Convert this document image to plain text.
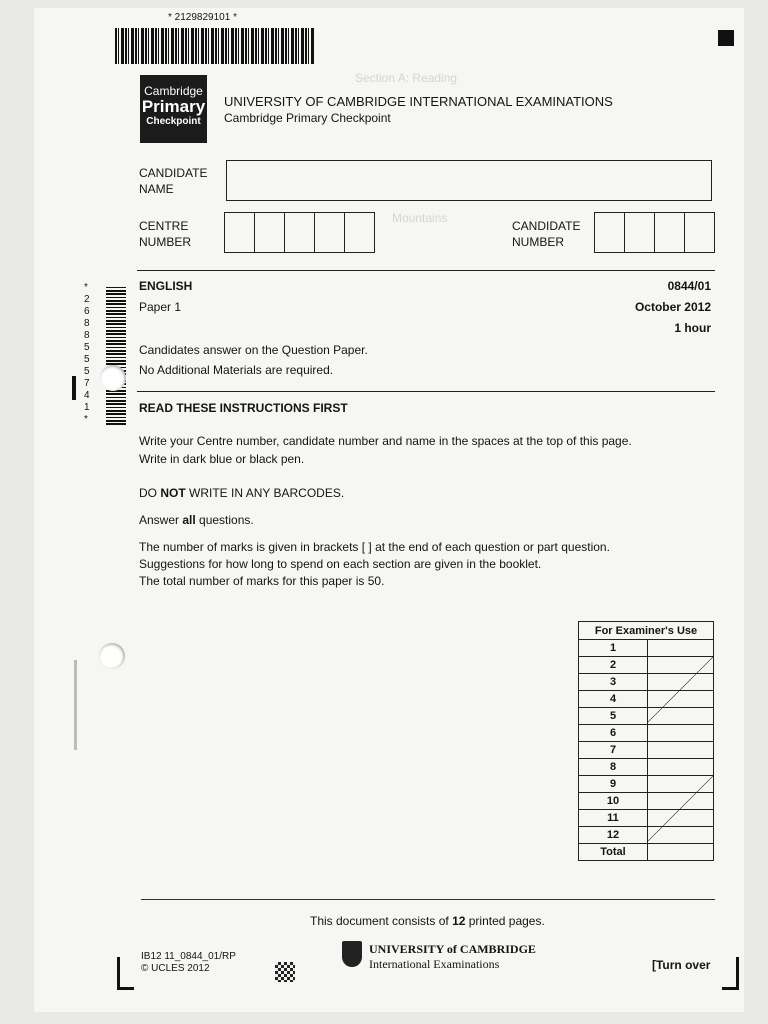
Section A: Reading
Mountains
* 2129829101 *
* 2 6 8 8 5 5 5 7 4 1 *
Cambridge
Primary
Checkpoint
UNIVERSITY OF CAMBRIDGE INTERNATIONAL EXAMINATIONS
Cambridge Primary Checkpoint
CANDIDATE
NAME
CENTRE
NUMBER
CANDIDATE
NUMBER
ENGLISH
Paper 1
0844/01
October 2012
1 hour
Candidates answer on the Question Paper.
No Additional Materials are required.
READ THESE INSTRUCTIONS FIRST
Write your Centre number, candidate number and name in the spaces at the top of this page.
Write in dark blue or black pen.
DO NOT WRITE IN ANY BARCODES.
Answer all questions.
The number of marks is given in brackets [ ] at the end of each question or part question.
Suggestions for how long to spend on each section are given in the booklet.
The total number of marks for this paper is 50.
For Examiner's Use	
1	
2	

3	
4	
5	
6	
7	
8	
9	

10	
11	
12	
Total	
This document consists of 12 printed pages.
IB12 11_0844_01/RP
© UCLES 2012
UNIVERSITY of CAMBRIDGE
International Examinations	[Turn over
